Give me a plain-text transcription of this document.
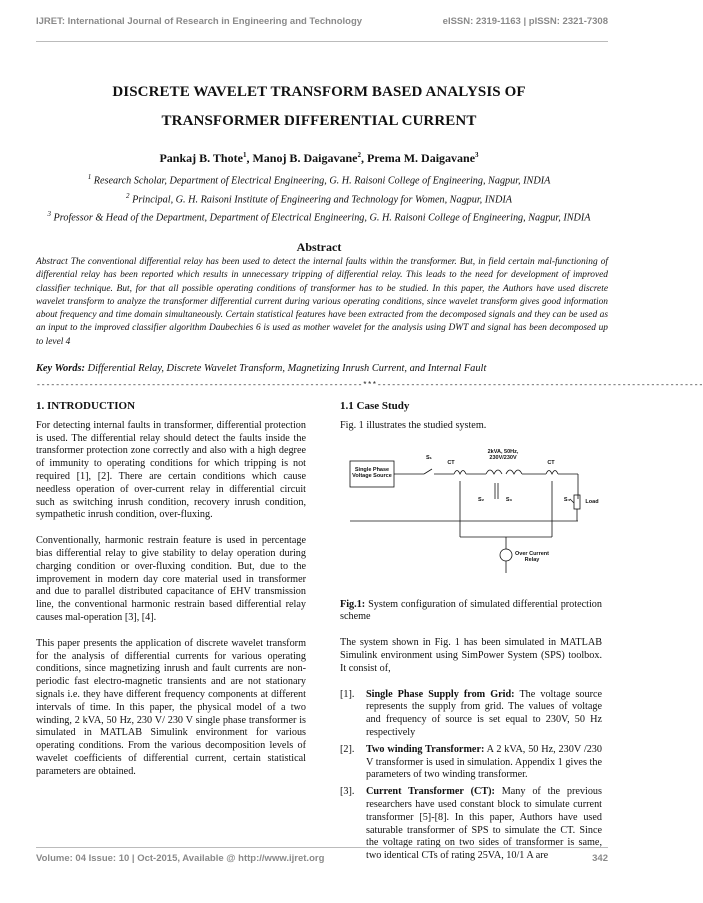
IJRET: International Journal of Research in Engineering and Technology	eISSN: 2319-1163 | pISSN: 2321-7308
DISCRETE WAVELET TRANSFORM BASED ANALYSIS OF
TRANSFORMER DIFFERENTIAL CURRENT
Pankaj B. Thote$^1$, Manoj B. Daigavane$^2$, Prema M. Daigavane$^3$
$^1$ Research Scholar, Department of Electrical Engineering, G. H. Raisoni College of Engineering, Nagpur, INDIA
$^2$ Principal, G. H. Raisoni Institute of Engineering and Technology for Women, Nagpur, INDIA
$^3$ Professor & Head of the Department, Department of Electrical Engineering, G. H. Raisoni College of Engineering, Nagpur, INDIA
Abstract
Abstract The conventional differential relay has been used to detect the internal faults within the transformer. But, in field certain mal-functioning of differential relay has been reported which results in unnecessary tripping of differential relay. This leads to the need for development of improved classifier technique. But, for that all possible operating conditions of transformer has to be studied. In this paper, the Authors have used discrete wavelet transform to analyze the transformer differential current during various operating conditions, since wavelet transform gives good information about frequency and time domain simultaneously. Certain statistical features have been extracted from the decomposed signals and they can be used as an input to the improved classifier algorithm Daubechies 6 is used as mother wavelet for the analysis using DWT and signal has been decomposed up to level 4
Key Words: Differential Relay, Discrete Wavelet Transform, Magnetizing Inrush Current, and Internal Fault
--------------------------------------------------------------------***--------------------------------------------------------------------
1. INTRODUCTION
For detecting internal faults in transformer, differential protection is used. The differential relay should detect the faults inside the transformer protection zone correctly and also with a high degree of immunity to operating conditions for which tripping is not required [1], [2]. There are certain conditions which cause needless operation of over-current relay in differential circuit such as switching inrush condition, recovery inrush condition, sympathetic inrush condition, over-fluxing.
Conventionally, harmonic restrain feature is used in percentage bias differential relay to give stability to delay operation during charging condition or over-fluxing condition. But, due to the improvement in modern day core material used in transformer and due to parallel distributed capacitance of EHV transmission line, the conventional harmonic restrain based differential relay causes mal-operation [3], [4].
This paper presents the application of discrete wavelet transform for the analysis of differential currents for various operating conditions, since magnetizing inrush and fault currents are non-periodic fast electro-magnetic transients and are not stationary signals i.e. they have different frequency components at different intervals of time. In this paper, the physical model of a two winding, 2 kVA, 50 Hz, 230 V/ 230 V single phase transformer is simulated in MATLAB Simulink environment for various operating conditions. From the various decomposition levels of wavelet coefficients of differential current, certain statistical parameters are obtained.
1.1 Case Study
Fig. 1 illustrates the studied system.
Single Phase Voltage Source
S₁
CT
2kVA, 50Hz, 230V/230V
CT
S₂	S₃	S₄	Load
Over Current Relay
Fig.1: System configuration of simulated differential protection scheme
The system shown in Fig. 1 has been simulated in MATLAB Simulink environment using SimPower System (SPS) toolbox. It consist of,
[1].	Single Phase Supply from Grid: The voltage source represents the supply from grid. The values of voltage and frequency of source is set equal to 230V, 50 Hz respectively
[2].	Two winding Transformer: A 2 kVA, 50 Hz, 230V /230 V transformer is used in simulation. Appendix 1 gives the parameters of two winding transformer.
[3].	Current Transformer (CT): Many of the previous researchers have used constant block to simulate current transformer [5]-[8]. In this paper, Authors have used saturable transformer of SPS to simulate the CT. Since the voltage rating on two sides of transformer is same, two identical CTs of rating 25VA, 10/1 A are
Volume: 04 Issue: 10 | Oct-2015, Available @ http://www.ijret.org	342
